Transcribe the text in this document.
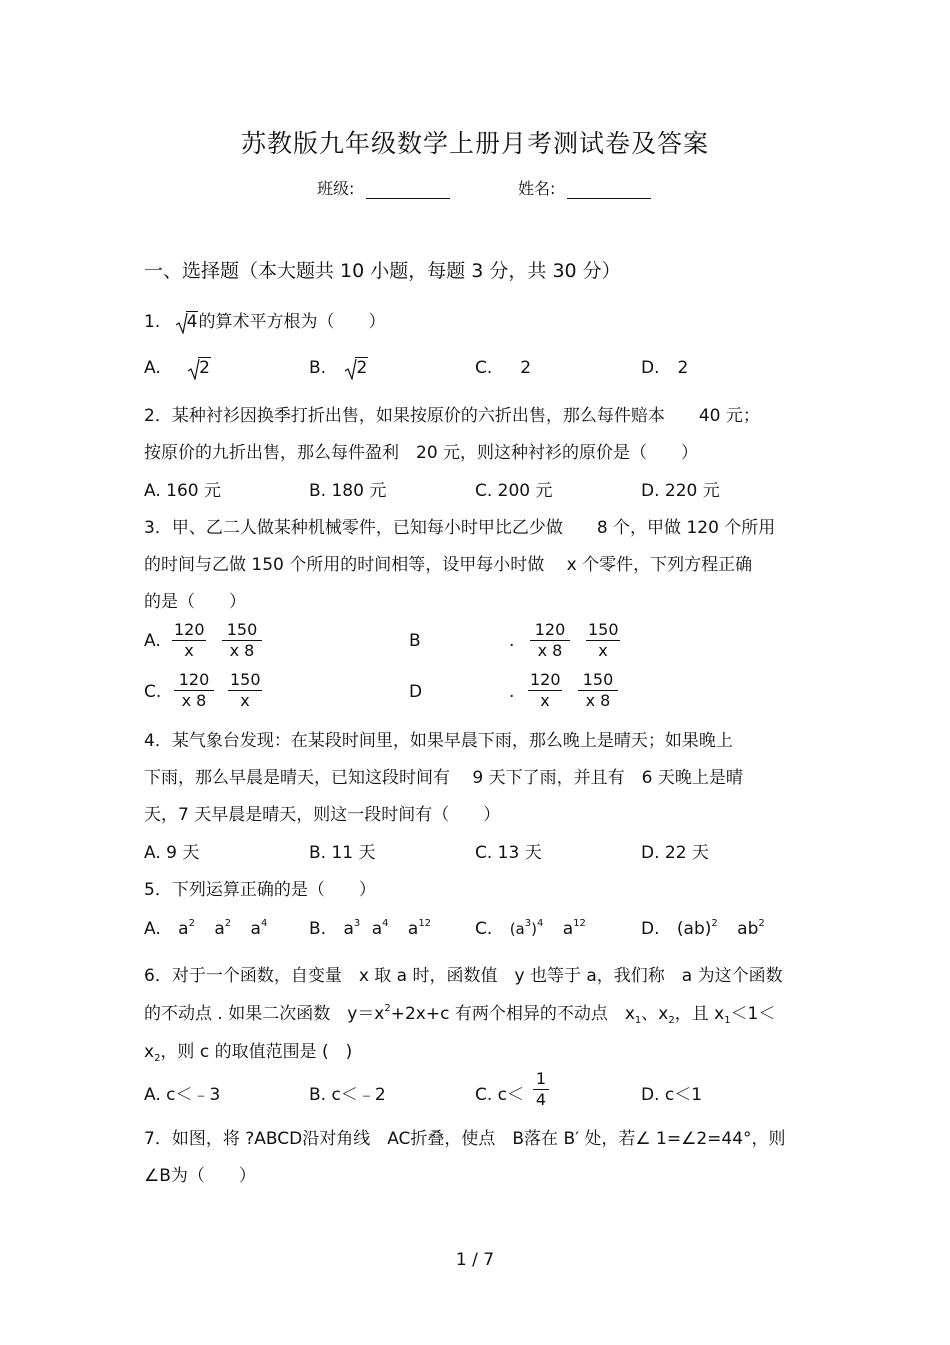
苏教版九年级数学上册月考测试卷及答案
班级:	姓名:
一、选择题（本大题共 10 小题，每题 3 分，共 30 分）
1. 4的算术平方根为（　　）
A. 2	B. 2	C. 2	D. 2
2．某种衬衫因换季打折出售，如果按原价的六折出售，那么每件赔本　　40 元；
按原价的九折出售，那么每件盈利　20 元，则这种衬衫的原价是（　　）
A. 160 元	B. 180 元	C. 200 元	D. 220 元
3．甲、乙二人做某种机械零件，已知每小时甲比乙少做　　8 个，甲做 120 个所用
的时间与乙做 150 个所用的时间相等，设甲每小时做　 x 个零件，下列方程正确
的是（　　）
A. $\frac{120}{x} \frac{150}{x 8}$	B	. $\frac{120}{x 8} \frac{150}{x}$
C. $\frac{120}{x 8} \frac{150}{x}$	D	. $\frac{120}{x} \frac{150}{x 8}$
4．某气象台发现：在某段时间里，如果早晨下雨，那么晚上是晴天；如果晚上
下雨，那么早晨是晴天，已知这段时间有　 9 天下了雨，并且有　6 天晚上是晴
天，7 天早晨是晴天，则这一段时间有（　　）
A. 9 天	B. 11 天	C. 13 天	D. 22 天
5．下列运算正确的是（　　）
A. $a^2$ $a^2$ $a^4$ B. $a^3$ $a^4$ $a^{12}$	C. $(a^3)^4$ $a^{12}$	D. (ab)$^2$ $ab^2$
6．对于一个函数，自变量　x 取 a 时，函数值　y 也等于 a，我们称　a 为这个函数
的不动点 . 如果二次函数　$y=x^2+2x+c$ 有两个相异的不动点　$x_1$、$x_2$，且 $x_1<1<$
$x_2$，则 c 的取值范围是 (　)
A. c＜﹣3	B. c＜﹣2	C. $c< \frac{1}{4}$	D. c＜1
7．如图，将 ?ABCD沿对角线　AC折叠，使点　B落在 B′ 处，若∠ 1=∠2=44°，则
∠B为（　　）
1 / 7
